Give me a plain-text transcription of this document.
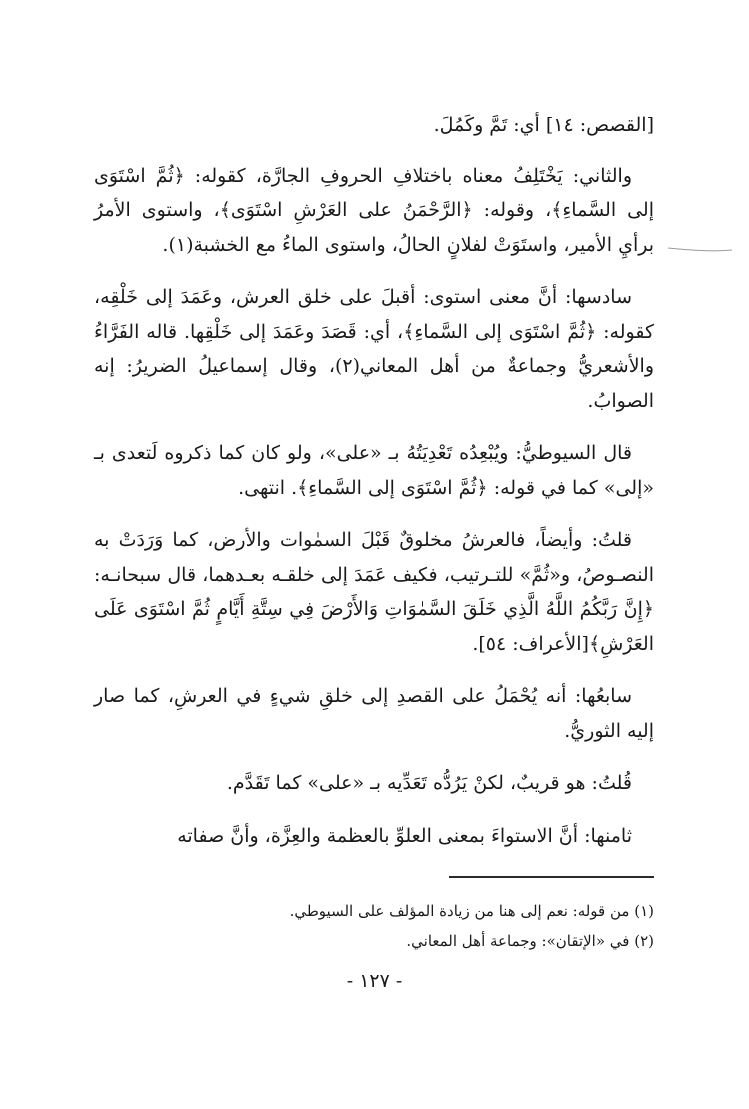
[القصص: ١٤] أي: تَمَّ وكَمُلَ.

والثاني: يَخْتَلِفُ معناه باختلافِ الحروفِ الجارَّة، كقوله: ﴿ثُمَّ اسْتَوَى إلى السَّماءِ﴾، وقوله: ﴿الرَّحْمَنُ على العَرْشِ اسْتَوَى﴾، واستوى الأمرُ برأيِ الأمير، واستَوَتْ لفلانٍ الحالُ، واستوى الماءُ مع الخشبة(١).

سادسها: أنَّ معنى استوى: أقبلَ على خلق العرش، وعَمَدَ إلى خَلْقِه، كقوله: ﴿ثُمَّ اسْتَوَى إلى السَّماءِ﴾، أي: قَصَدَ وعَمَدَ إلى خَلْقِها. قاله الفَرَّاءُ والأشعريُّ وجماعةٌ من أهل المعاني(٢)، وقال إسماعيلُ الضريرُ: إنه الصوابُ.

قال السيوطيُّ: ويُبْعِدُه تَعْدِيَتُهُ بـ «على»، ولو كان كما ذكروه لَتعدى بـ «إلى» كما في قوله: ﴿ثُمَّ اسْتَوَى إلى السَّماءِ﴾. انتهى.

قلتُ: وأيضاً، فالعرشُ مخلوقٌ قَبْلَ السمٰوات والأرض، كما وَرَدَتْ به النصـوصُ، و«ثُمَّ» للتـرتيب، فكيف عَمَدَ إلى خلقـه بعـدهما، قال سبحانـه: ﴿إِنَّ رَبَّكُمُ اللَّهُ الَّذِي خَلَقَ السَّمٰوَاتِ وَالأَرْضَ فِي سِتَّةِ أَيَّامٍ ثُمَّ اسْتَوَى عَلَى العَرْشِ﴾[الأعراف: ٥٤].

سابعُها: أنه يُحْمَلُ على القصدِ إلى خلقِ شيءٍ في العرشِ، كما صار إليه الثوريُّ.

قُلتُ: هو قريبٌ، لكنْ يَرُدُّه تَعَدِّيه بـ «على» كما تَقَدَّم.

ثامنها: أنَّ الاستواءَ بمعنى العلوِّ بالعظمة والعِزَّة، وأنَّ صفاته

(١) من قوله: نعم إلى هنا من زيادة المؤلف على السيوطي.

(٢) في «الإتقان»: وجماعة أهل المعاني.

- ١٢٧ -
